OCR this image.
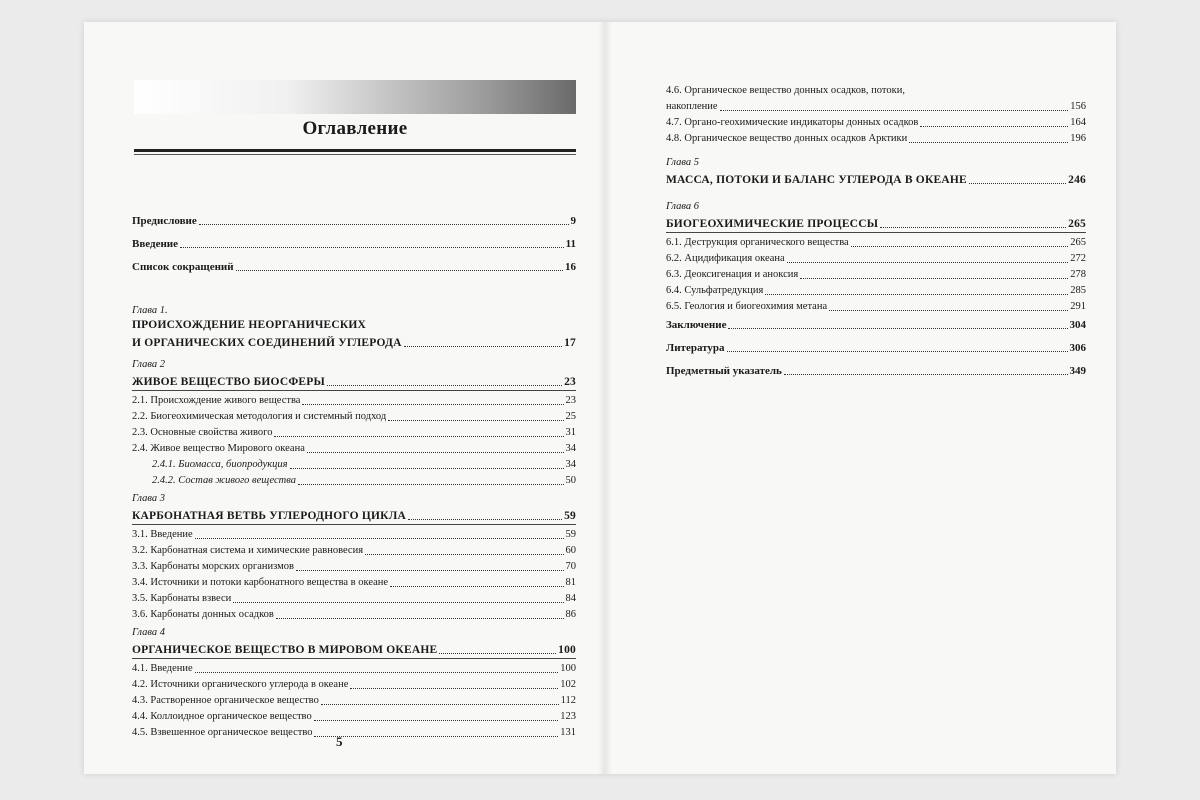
Оглавление
Предисловие	9
Введение	11
Список сокращений	16
Глава 1.
ПРОИСХОЖДЕНИЕ НЕОРГАНИЧЕСКИХ
И ОРГАНИЧЕСКИХ СОЕДИНЕНИЙ УГЛЕРОДА	17
Глава 2
ЖИВОЕ ВЕЩЕСТВО БИОСФЕРЫ	23
2.1. Происхождение живого вещества	23
2.2. Биогеохимическая методология и системный подход	25
2.3. Основные свойства живого	31
2.4. Живое вещество Мирового океана	34
2.4.1. Биомасса, биопродукция	34
2.4.2. Состав живого вещества	50
Глава 3
КАРБОНАТНАЯ ВЕТВЬ УГЛЕРОДНОГО ЦИКЛА	59
3.1. Введение	59
3.2. Карбонатная система и химические равновесия	60
3.3. Карбонаты морских организмов	70
3.4. Источники и потоки карбонатного вещества в океане	81
3.5. Карбонаты взвеси	84
3.6. Карбонаты донных осадков	86
Глава 4
ОРГАНИЧЕСКОЕ ВЕЩЕСТВО В МИРОВОМ ОКЕАНЕ	100
4.1. Введение	100
4.2. Источники органического углерода в океане	102
4.3. Растворенное органическое вещество	112
4.4. Коллоидное органическое вещество	123
4.5. Взвешенное органическое вещество	131
5
4.6. Органическое вещество донных осадков, потоки,
накопление	156
4.7. Органо-геохимические индикаторы донных осадков	164
4.8. Органическое вещество донных осадков Арктики	196
Глава 5
МАССА, ПОТОКИ И БАЛАНС УГЛЕРОДА В ОКЕАНЕ	246
Глава 6
БИОГЕОХИМИЧЕСКИЕ ПРОЦЕССЫ	265
6.1. Деструкция органического вещества	265
6.2. Ацидификация океана	272
6.3. Деоксигенация и аноксия	278
6.4. Сульфатредукция	285
6.5. Геология и биогеохимия метана	291
Заключение	304
Литература	306
Предметный указатель	349
